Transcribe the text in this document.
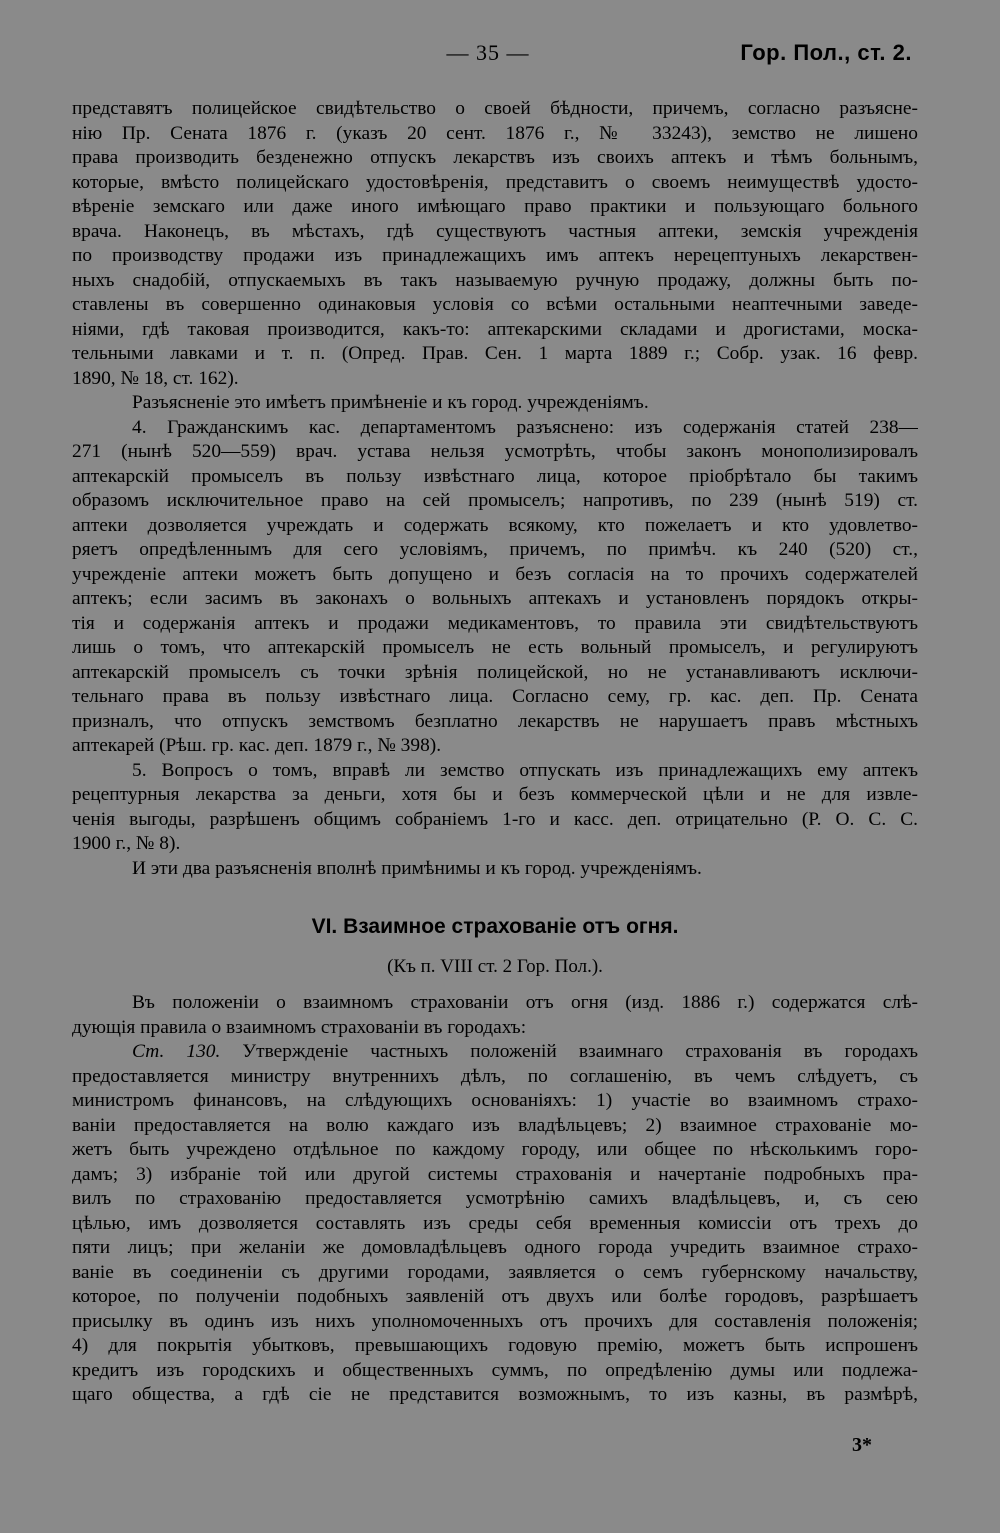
— 35 —	Гор. Пол., ст. 2.
представятъ полицейское свидѣтельство о своей бѣдности, причемъ, согласно разъясне-
нію Пр. Сената 1876 г. (указъ 20 сент. 1876 г., № 33243), земство не лишено
права производить безденежно отпускъ лекарствъ изъ своихъ аптекъ и тѣмъ больнымъ,
которые, вмѣсто полицейскаго удостовѣренія, представитъ о своемъ неимуществѣ удосто-
вѣреніе земскаго или даже иного имѣющаго право практики и пользующаго больного
врача. Наконецъ, въ мѣстахъ, гдѣ существуютъ частныя аптеки, земскія учрежденія
по производству продажи изъ принадлежащихъ имъ аптекъ нерецептуныхъ лекарствен-
ныхъ снадобій, отпускаемыхъ въ такъ называемую ручную продажу, должны быть по-
ставлены въ совершенно одинаковыя условія со всѣми остальными неаптечными заведе-
ніями, гдѣ таковая производится, какъ-то: аптекарскими складами и дрогистами, моска-
тельными лавками и т. п. (Опред. Прав. Сен. 1 марта 1889 г.; Собр. узак. 16 февр.
1890, № 18, ст. 162).
Разъясненіе это имѣетъ примѣненіе и къ город. учрежденіямъ.
4. Гражданскимъ кас. департаментомъ разъяснено: изъ содержанія статей 238—
271 (нынѣ 520—559) врач. устава нельзя усмотрѣть, чтобы законъ монополизировалъ
аптекарскій промыселъ въ пользу извѣстнаго лица, которое пріобрѣтало бы такимъ
образомъ исключительное право на сей промыселъ; напротивъ, по 239 (нынѣ 519) ст.
аптеки дозволяется учреждать и содержать всякому, кто пожелаетъ и кто удовлетво-
ряетъ опредѣленнымъ для сего условіямъ, причемъ, по примѣч. къ 240 (520) ст.,
учрежденіе аптеки можетъ быть допущено и безъ согласія на то прочихъ содержателей
аптекъ; если засимъ въ законахъ о вольныхъ аптекахъ и установленъ порядокъ откры-
тія и содержанія аптекъ и продажи медикаментовъ, то правила эти свидѣтельствуютъ
лишь о томъ, что аптекарскій промыселъ не есть вольный промыселъ, и регулируютъ
аптекарскій промыселъ съ точки зрѣнія полицейской, но не устанавливаютъ исключи-
тельнаго права въ пользу извѣстнаго лица. Согласно сему, гр. кас. деп. Пр. Сената
призналъ, что отпускъ земствомъ безплатно лекарствъ не нарушаетъ правъ мѣстныхъ
аптекарей (Рѣш. гр. кас. деп. 1879 г., № 398).
5. Вопросъ о томъ, вправѣ ли земство отпускать изъ принадлежащихъ ему аптекъ
рецептурныя лекарства за деньги, хотя бы и безъ коммерческой цѣли и не для извле-
ченія выгоды, разрѣшенъ общимъ собраніемъ 1-го и касс. деп. отрицательно (Р. О. С. С.
1900 г., № 8).
И эти два разъясненія вполнѣ примѣнимы и къ город. учрежденіямъ.
VI. Взаимное страхованіе отъ огня.
(Къ п. VIII ст. 2 Гор. Пол.).
Въ положеніи о взаимномъ страхованіи отъ огня (изд. 1886 г.) содержатся слѣ-
дующія правила о взаимномъ страхованіи въ городахъ:
Ст. 130. Утвержденіе частныхъ положеній взаимнаго страхованія въ городахъ
предоставляется министру внутреннихъ дѣлъ, по соглашенію, въ чемъ слѣдуетъ, съ
министромъ финансовъ, на слѣдующихъ основаніяхъ: 1) участіе во взаимномъ страхо-
ваніи предоставляется на волю каждаго изъ владѣльцевъ; 2) взаимное страхованіе мо-
жетъ быть учреждено отдѣльное по каждому городу, или общее по нѣсколькимъ горо-
дамъ; 3) избраніе той или другой системы страхованія и начертаніе подробныхъ пра-
вилъ по страхованію предоставляется усмотрѣнію самихъ владѣльцевъ, и, съ сею
цѣлью, имъ дозволяется составлять изъ среды себя временныя комиссіи отъ трехъ до
пяти лицъ; при желаніи же домовладѣльцевъ одного города учредить взаимное страхо-
ваніе въ соединеніи съ другими городами, заявляется о семъ губернскому начальству,
которое, по полученіи подобныхъ заявленій отъ двухъ или болѣе городовъ, разрѣшаетъ
присылку въ одинъ изъ нихъ уполномоченныхъ отъ прочихъ для составленія положенія;
4) для покрытія убытковъ, превышающихъ годовую премію, можетъ быть испрошенъ
кредитъ изъ городскихъ и общественныхъ суммъ, по опредѣленію думы или подлежа-
щаго общества, а гдѣ сіе не представится возможнымъ, то изъ казны, въ размѣрѣ,
3*
